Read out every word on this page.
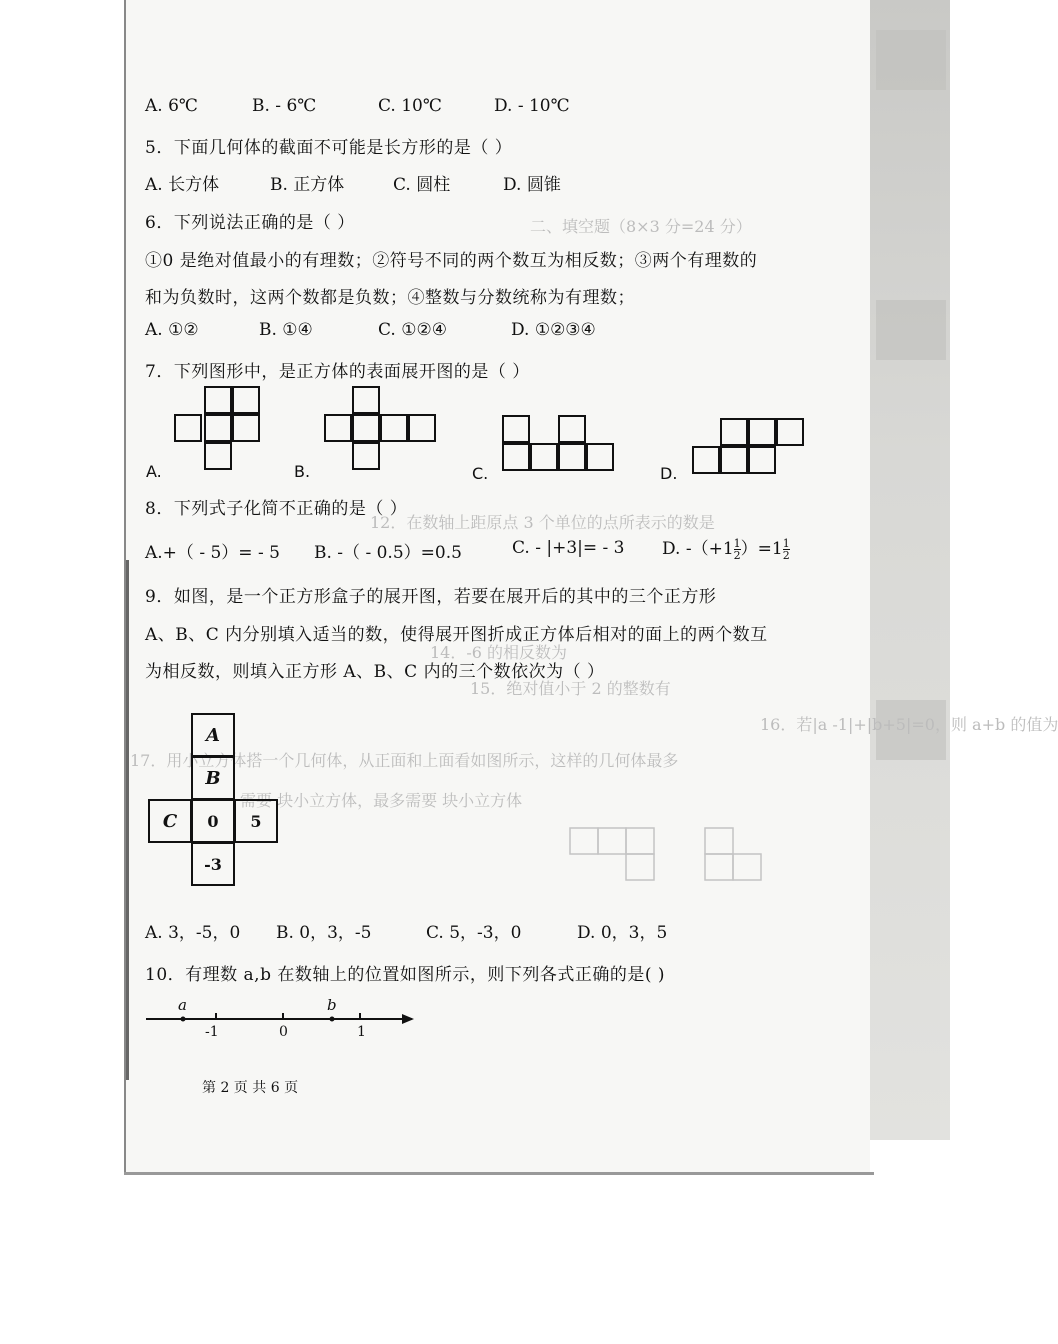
二、填空题（8×3 分=24 分）
12．在数轴上距原点 3 个单位的点所表示的数是
14．-6 的相反数为
15．绝对值小于 2 的整数有
16．若|a -1|+|b+5|=0，则 a+b 的值为
17．用小立方体搭一个几何体，从正面和上面看如图所示，这样的几何体最多
需要 块小立方体，最多需要 块小立方体
A. 6℃	B. - 6℃	C. 10℃	D. - 10℃
5．下面几何体的截面不可能是长方形的是（ ）
A. 长方体	B. 正方体	C. 圆柱	D. 圆锥
6．下列说法正确的是（ ）
①0 是绝对值最小的有理数；②符号不同的两个数互为相反数；③两个有理数的
和为负数时，这两个数都是负数；④整数与分数统称为有理数；
A. ①②	B. ①④	C. ①②④	D. ①②③④
7．下列图形中，是正方体的表面展开图的是（ ）
A.	B.	C.	D.
8．下列式子化简不正确的是（ ）
A.+（ - 5）= - 5 B. -（ - 0.5）=0.5	C. - |+3|= - 3 D. $-(+1 \frac{1}{2} )=1 \frac{1}{2}$
9．如图，是一个正方形盒子的展开图，若要在展开后的其中的三个正方形
A、B、C 内分别填入适当的数，使得展开图折成正方体后相对的面上的两个数互
为相反数，则填入正方形 A、B、C 内的三个数依次为（ ）
A
B
C	0	5
-3
A. 3，-5，0 B. 0，3，-5	C. 5，-3，0	D. 0，3，5
10．有理数 a,b 在数轴上的位置如图所示，则下列各式正确的是( )
a	b
-1	0	1
第 2 页 共 6 页
